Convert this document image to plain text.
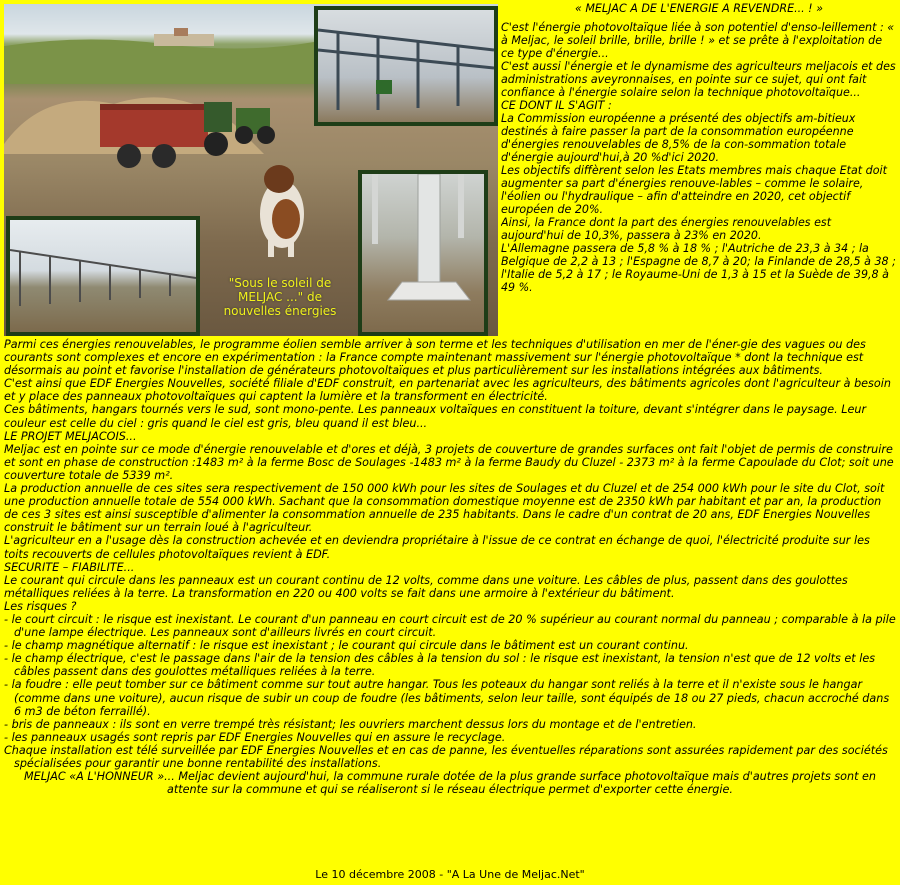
"Sous le soleil de
MELJAC ..." de
nouvelles énergies
« MELJAC A DE L'ENERGIE A REVENDRE... ! »

C'est l'énergie photovoltaïque liée à son potentiel d'enso-leillement : « à Meljac, le soleil brille, brille, brille ! » et se prête à l'exploitation de ce type d'énergie...

C'est aussi l'énergie et le dynamisme des agriculteurs meljacois et des administrations aveyronnaises, en pointe sur ce sujet, qui ont fait confiance à l'énergie solaire selon la technique photovoltaïque...

CE DONT IL S'AGIT :

La Commission européenne a présenté des objectifs am-bitieux destinés à faire passer la part de la consommation européenne d'énergies renouvelables de 8,5% de la con-sommation totale d'énergie aujourd'hui,à 20 %d'ici 2020.

Les objectifs diffèrent selon les Etats membres mais chaque Etat doit augmenter sa part d'énergies renouve-lables – comme le solaire, l'éolien ou l'hydraulique – afin d'atteindre en 2020, cet objectif européen de 20%.

Ainsi, la France dont la part des énergies renouvelables est aujourd'hui de 10,3%, passera à 23% en 2020.

L'Allemagne passera de 5,8 % à 18 % ; l'Autriche de 23,3 à 34 ; la Belgique de 2,2 à 13 ; l'Espagne de 8,7 à 20; la Finlande de 28,5 à 38 ; l'Italie de 5,2 à 17 ; le Royaume-Uni de 1,3 à 15 et la Suède de 39,8 à 49 %.

Parmi ces énergies renouvelables, le programme éolien semble arriver à son terme et les techniques d'utilisation en mer de l'éner-gie des vagues ou des courants sont complexes et encore en expérimentation : la France compte maintenant massivement sur l'énergie photovoltaïque * dont la technique est désormais au point et favorise l'installation de générateurs photovoltaïques et plus particulièrement sur les installations intégrées aux bâtiments.

C'est ainsi que EDF Energies Nouvelles, société filiale d'EDF construit, en partenariat avec les agriculteurs, des bâtiments agricoles dont l'agriculteur à besoin et y place des panneaux photovoltaïques qui captent la lumière et la transforment en électricité.

Ces bâtiments, hangars tournés vers le sud, sont mono-pente. Les panneaux voltaïques en constituent la toiture, devant s'intégrer dans le paysage. Leur couleur est celle du ciel : gris quand le ciel est gris, bleu quand il est bleu...

LE PROJET MELJACOIS...

Meljac est en pointe sur ce mode d'énergie renouvelable et d'ores et déjà, 3 projets de couverture de grandes surfaces ont fait l'objet de permis de construire et sont en phase de construction :1483 m² à la ferme Bosc de Soulages -1483 m² à la ferme Baudy du Cluzel - 2373 m² à la ferme Capoulade du Clot; soit une couverture totale de 5339 m².

La production annuelle de ces sites sera respectivement de 150 000 kWh pour les sites de Soulages et du Cluzel et de 254 000 kWh pour le site du Clot, soit une production annuelle totale de 554 000 kWh. Sachant que la consommation domestique moyenne est de 2350 kWh par habitant et par an, la production de ces 3 sites est ainsi susceptible d'alimenter la consommation annuelle de 235 habitants. Dans le cadre d'un contrat de 20 ans, EDF Energies Nouvelles construit le bâtiment sur un terrain loué à l'agriculteur.

L'agriculteur en a l'usage dès la construction achevée et en deviendra propriétaire à l'issue de ce contrat en échange de quoi, l'électricité produite sur les toits recouverts de cellules photovoltaïques revient à EDF.

SECURITE – FIABILITE...

Le courant qui circule dans les panneaux est un courant continu de 12 volts, comme dans une voiture. Les câbles de plus, passent dans des goulottes métalliques reliées à la terre. La transformation en 220 ou 400 volts se fait dans une armoire à l'extérieur du bâtiment.

Les risques ?

- le court circuit : le risque est inexistant. Le courant d'un panneau en court circuit est de 20 % supérieur au courant normal du panneau ; comparable à la pile d'une lampe électrique. Les panneaux sont d'ailleurs livrés en court circuit.

- le champ magnétique alternatif : le risque est inexistant ; le courant qui circule dans le bâtiment est un courant continu.

- le champ électrique, c'est le passage dans l'air de la tension des câbles à la tension du sol : le risque est inexistant, la tension n'est que de 12 volts et les câbles passent dans des goulottes métalliques reliées à la terre.

- la foudre : elle peut tomber sur ce bâtiment comme sur tout autre hangar. Tous les poteaux du hangar sont reliés à la terre et il n'existe sous le hangar (comme dans une voiture), aucun risque de subir un coup de foudre (les bâtiments, selon leur taille, sont équipés de 18 ou 27 pieds, chacun accroché dans 6 m3 de béton ferraillé).

- bris de panneaux : ils sont en verre trempé très résistant; les ouvriers marchent dessus lors du montage et de l'entretien.

- les panneaux usagés sont repris par EDF Energies Nouvelles qui en assure le recyclage.

Chaque installation est télé surveillée par EDF Energies Nouvelles et en cas de panne, les éventuelles réparations sont assurées rapidement par des sociétés spécialisées pour garantir une bonne rentabilité des installations.

MELJAC «A L'HONNEUR »... Meljac devient aujourd'hui, la commune rurale dotée de la plus grande surface photovoltaïque mais d'autres projets sont en attente sur la commune et qui se réaliseront si le réseau électrique permet d'exporter cette énergie.

Le 10 décembre 2008 - "A La Une de Meljac.Net"
